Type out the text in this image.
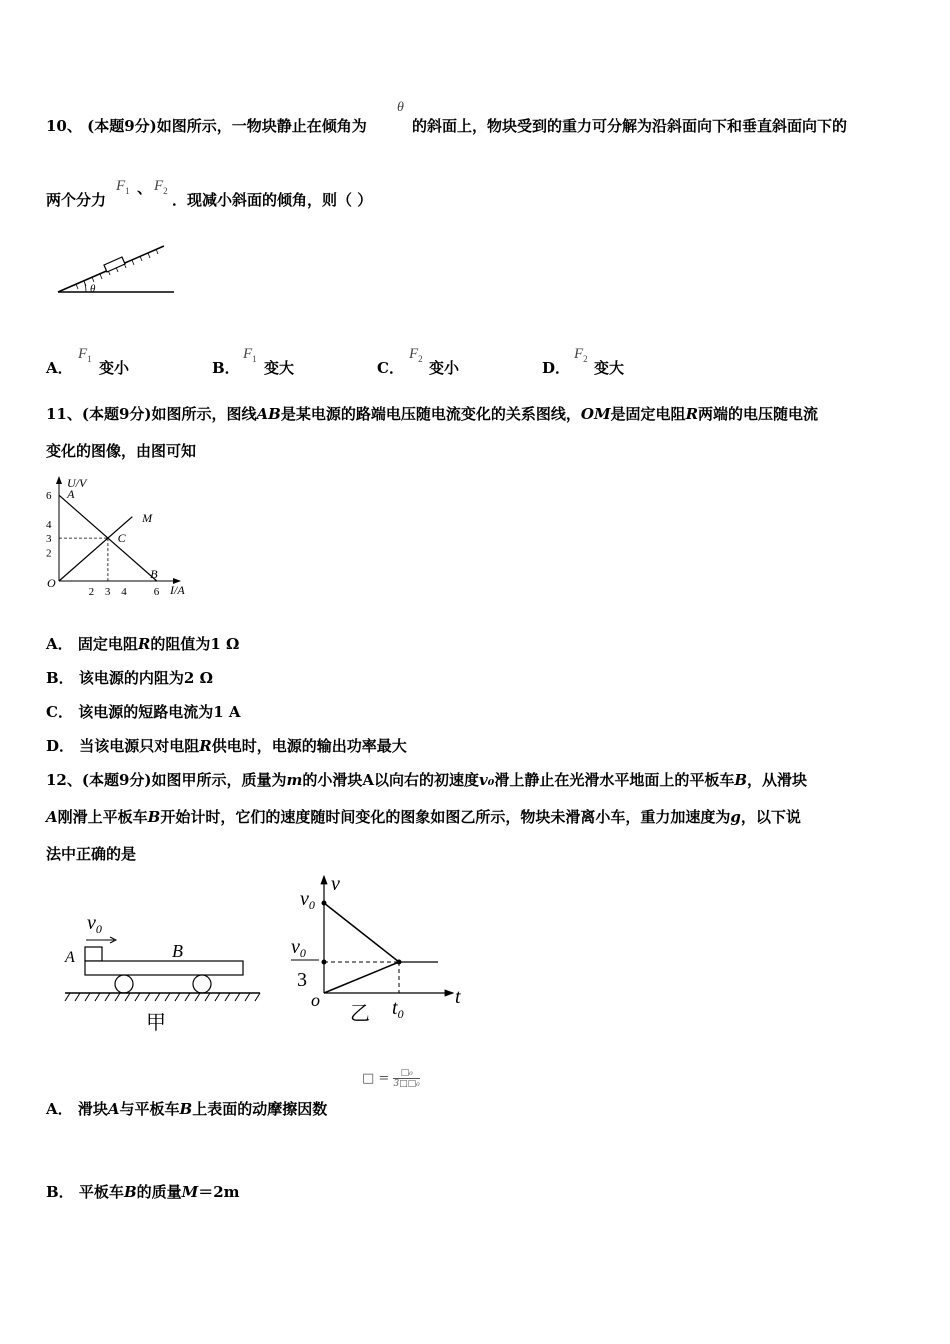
10、 (本题9分)如图所示，一物块静止在倾角为
θ
的斜面上，物块受到的重力可分解为沿斜面向下和垂直斜面向下的
两个分力
$F_1$ 、 $F_2$ ．现减小斜面的倾角，则（ ）
θ
A．
$F_1$ 变小	B．
$F_1$ 变大	C．
$F_2$ 变小	D．
$F_2$ 变大
11、(本题9分)如图所示，图线AB是某电源的路端电压随电流变化的关系图线，OM是固定电阻R两端的电压随电流
变化的图像，由图可知
2 3 4 6
6
4
3
2
A
B
M
C
U/V
I/A
O
A． 固定电阻R的阻值为1 Ω
B． 该电源的内阻为2 Ω
C． 该电源的短路电流为1 A
D． 当该电源只对电阻R供电时，电源的输出功率最大
12、(本题9分)如图甲所示，质量为m的小滑块A以向右的初速度v₀滑上静止在光滑水平地面上的平板车B，从滑块
A刚滑上平板车B开始计时，它们的速度随时间变化的图象如图乙所示，物块未滑离小车，重力加速度为g，以下说
法中正确的是
$v_0$
A	B
甲
v
t
o
$v_0$
$v_0$
3
$t_0$
乙
□ =	□₀
3□□₀
A． 滑块A与平板车B上表面的动摩擦因数
B． 平板车B的质量M＝2m
